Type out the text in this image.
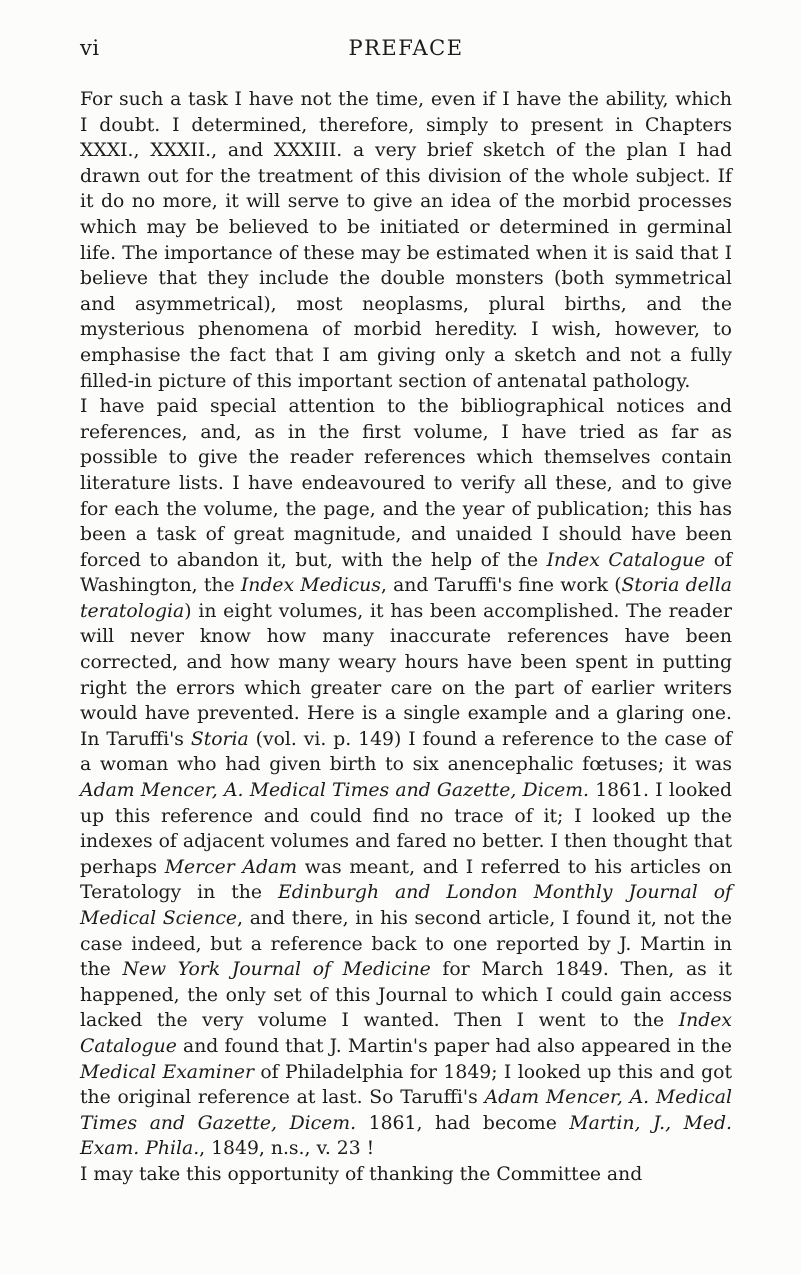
vi	PREFACE

For such a task I have not the time, even if I have the ability, which I doubt. I determined, therefore, simply to present in Chapters XXXI., XXXII., and XXXIII. a very brief sketch of the plan I had drawn out for the treatment of this division of the whole subject. If it do no more, it will serve to give an idea of the morbid processes which may be believed to be initiated or determined in germinal life. The importance of these may be estimated when it is said that I believe that they include the double monsters (both symmetrical and asymmetrical), most neoplasms, plural births, and the mysterious phenomena of morbid heredity. I wish, however, to emphasise the fact that I am giving only a sketch and not a fully filled-in picture of this important section of antenatal pathology.

I have paid special attention to the bibliographical notices and references, and, as in the first volume, I have tried as far as possible to give the reader references which themselves contain literature lists. I have endeavoured to verify all these, and to give for each the volume, the page, and the year of publication; this has been a task of great magnitude, and unaided I should have been forced to abandon it, but, with the help of the Index Catalogue of Washington, the Index Medicus, and Taruffi's fine work (Storia della teratologia) in eight volumes, it has been accomplished. The reader will never know how many inaccurate references have been corrected, and how many weary hours have been spent in putting right the errors which greater care on the part of earlier writers would have prevented. Here is a single example and a glaring one. In Taruffi's Storia (vol. vi. p. 149) I found a reference to the case of a woman who had given birth to six anencephalic fœtuses; it was Adam Mencer, A. Medical Times and Gazette, Dicem. 1861. I looked up this reference and could find no trace of it; I looked up the indexes of adjacent volumes and fared no better. I then thought that perhaps Mercer Adam was meant, and I referred to his articles on Teratology in the Edinburgh and London Monthly Journal of Medical Science, and there, in his second article, I found it, not the case indeed, but a reference back to one reported by J. Martin in the New York Journal of Medicine for March 1849. Then, as it happened, the only set of this Journal to which I could gain access lacked the very volume I wanted. Then I went to the Index Catalogue and found that J. Martin's paper had also appeared in the Medical Examiner of Philadelphia for 1849; I looked up this and got the original reference at last. So Taruffi's Adam Mencer, A. Medical Times and Gazette, Dicem. 1861, had become Martin, J., Med. Exam. Phila., 1849, n.s., v. 23 !

I may take this opportunity of thanking the Committee and
